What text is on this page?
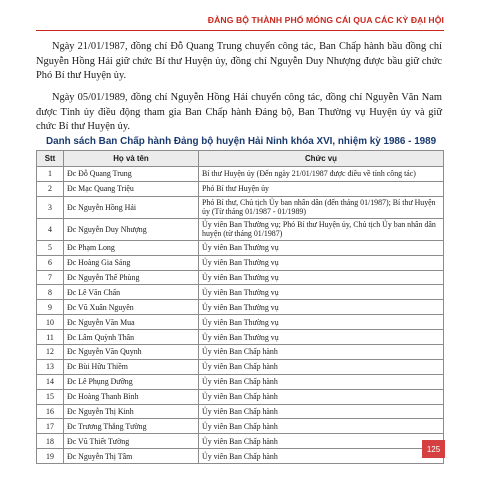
ĐẢNG BỘ THÀNH PHỐ MÓNG CÁI QUA CÁC KỲ ĐẠI HỘI

Ngày 21/01/1987, đồng chí Đỗ Quang Trung chuyển công tác, Ban Chấp hành bầu đồng chí Nguyễn Hồng Hải giữ chức Bí thư Huyện ủy, đồng chí Nguyễn Duy Nhượng được bầu giữ chức Phó Bí thư Huyện ủy.

Ngày 05/01/1989, đồng chí Nguyễn Hồng Hải chuyển công tác, đồng chí Nguyễn Văn Nam được Tỉnh ủy điều động tham gia Ban Chấp hành Đảng bộ, Ban Thường vụ Huyện ủy và giữ chức Bí thư Huyện ủy.

Danh sách Ban Chấp hành Đảng bộ huyện Hải Ninh khóa XVI, nhiệm kỳ 1986 - 1989
Stt	Họ và tên	Chức vụ
1	Đc Đỗ Quang Trung	Bí thư Huyện ủy (Đến ngày 21/01/1987 được điều về tỉnh công tác)
2	Đc Mạc Quang Triệu	Phó Bí thư Huyện ủy
3	Đc Nguyễn Hồng Hải	Phó Bí thư, Chủ tịch Ủy ban nhân dân (đến tháng 01/1987); Bí thư Huyện ủy (Từ tháng 01/1987 - 01/1989)
4	Đc Nguyễn Duy Nhượng	Ủy viên Ban Thường vụ; Phó Bí thư Huyện ủy, Chủ tịch Ủy ban nhân dân huyện (từ tháng 01/1987)
5	Đc Phạm Long	Ủy viên Ban Thường vụ
6	Đc Hoàng Gia Sáng	Ủy viên Ban Thường vụ
7	Đc Nguyễn Thế Phùng	Ủy viên Ban Thường vụ
8	Đc Lê Văn Chấn	Ủy viên Ban Thường vụ
9	Đc Vũ Xuân Nguyên	Ủy viên Ban Thường vụ
10	Đc Nguyễn Văn Mua	Ủy viên Ban Thường vụ
11	Đc Lâm Quỳnh Thân	Ủy viên Ban Thường vụ
12	Đc Nguyễn Văn Quynh	Ủy viên Ban Chấp hành
13	Đc Bùi Hữu Thiềm	Ủy viên Ban Chấp hành
14	Đc Lê Phụng Dưỡng	Ủy viên Ban Chấp hành
15	Đc Hoàng Thanh Bình	Ủy viên Ban Chấp hành
16	Đc Nguyễn Thị Kinh	Ủy viên Ban Chấp hành
17	Đc Trương Thắng Tường	Ủy viên Ban Chấp hành
18	Đc Vũ Thiết Tường	Ủy viên Ban Chấp hành
19	Đc Nguyễn Thị Tâm	Ủy viên Ban Chấp hành
125
